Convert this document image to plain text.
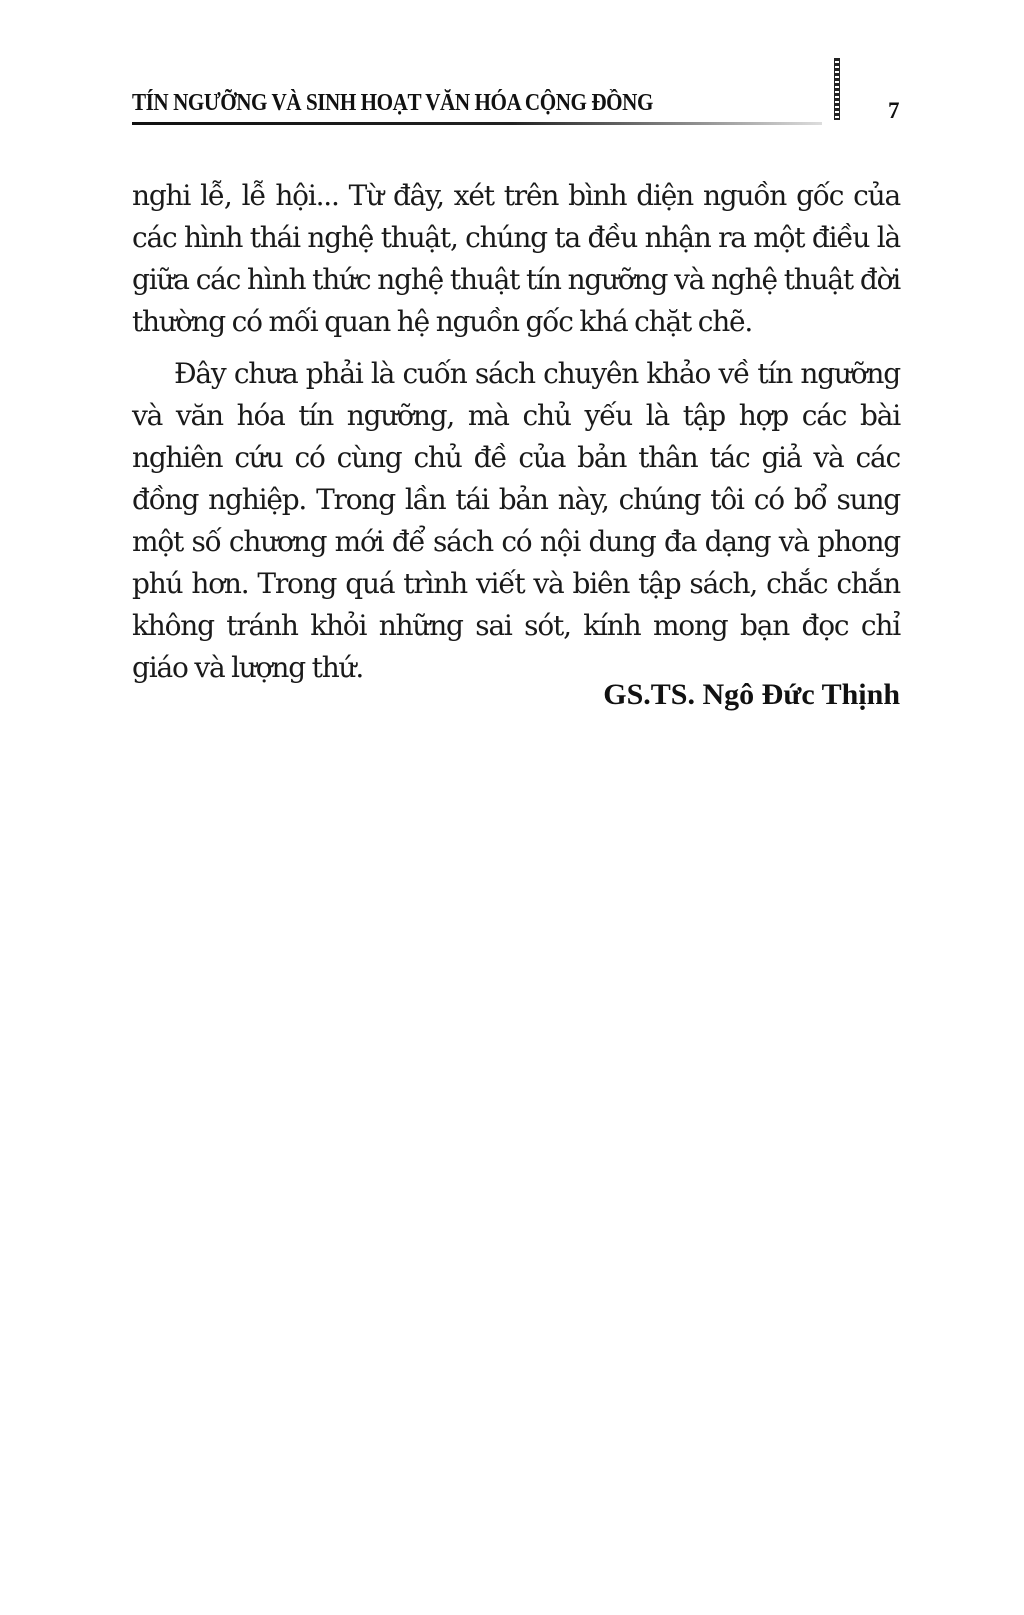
TÍN NGƯỠNG VÀ SINH HOẠT VĂN HÓA CỘNG ĐỒNG	7

nghi lễ, lễ hội... Từ đây, xét trên bình diện nguồn gốc của các hình thái nghệ thuật, chúng ta đều nhận ra một điều là giữa các hình thức nghệ thuật tín ngưỡng và nghệ thuật đời thường có mối quan hệ nguồn gốc khá chặt chẽ.

Đây chưa phải là cuốn sách chuyên khảo về tín ngưỡng và văn hóa tín ngưỡng, mà chủ yếu là tập hợp các bài nghiên cứu có cùng chủ đề của bản thân tác giả và các đồng nghiệp. Trong lần tái bản này, chúng tôi có bổ sung một số chương mới để sách có nội dung đa dạng và phong phú hơn. Trong quá trình viết và biên tập sách, chắc chắn không tránh khỏi những sai sót, kính mong bạn đọc chỉ giáo và lượng thứ.

GS.TS. Ngô Đức Thịnh
